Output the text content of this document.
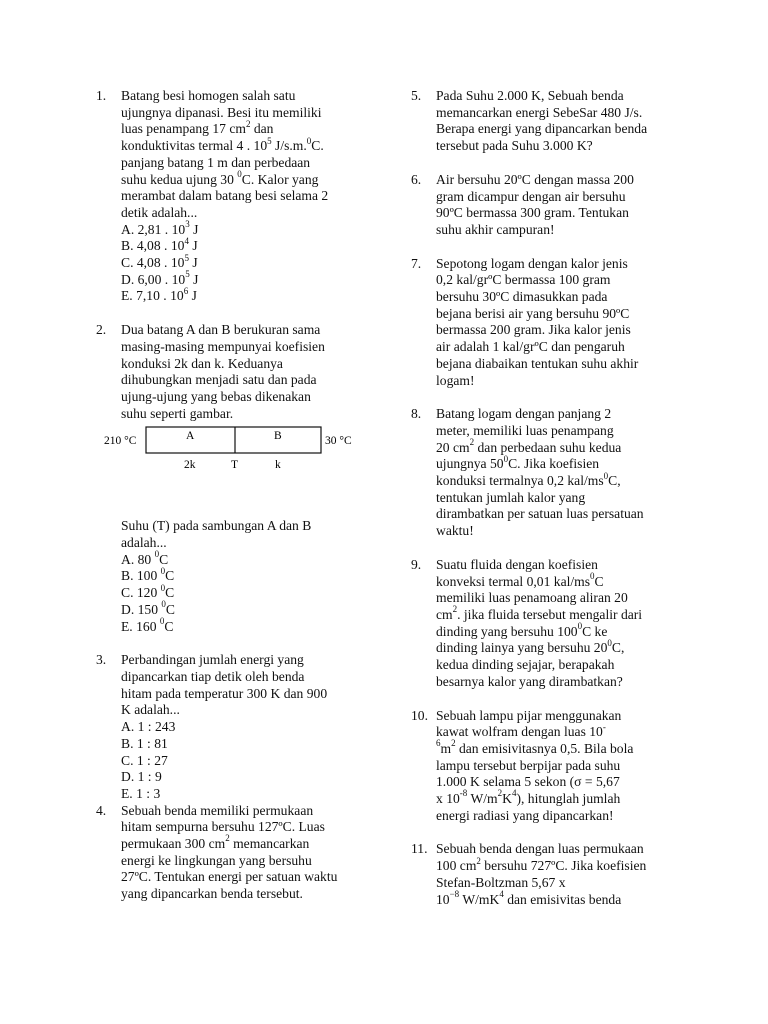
1. Batang besi homogen salah satu
ujungnya dipanasi. Besi itu memiliki
luas penampang 17 $cm^2$ dan
konduktivitas termal 4 . $10^5$ J/s.m.$^0$C.
panjang batang 1 m dan perbedaan
suhu kedua ujung 30 $^0$C. Kalor yang
merambat dalam batang besi selama 2
detik adalah...
A. 2,81 . $10^3$ J
B. 4,08 . $10^4$ J
C. 4,08 . $10^5$ J
D. 6,00 . $10^5$ J
E. 7,10 . $10^6$ J
2. Dua batang A dan B berukuran sama
masing-masing mempunyai koefisien
konduksi 2k dan k. Keduanya
dihubungkan menjadi satu dan pada
ujung-ujung yang bebas dikenakan
suhu seperti gambar.
210 °C	30 °C
A	B
2k	T	k
Suhu (T) pada sambungan A dan B
adalah...
A. 80 $^0$C
B. 100 $^0$C
C. 120 $^0$C
D. 150 $^0$C
E. 160 $^0$C
3. Perbandingan jumlah energi yang
dipancarkan tiap detik oleh benda
hitam pada temperatur 300 K dan 900
K adalah...
A. 1 : 243
B. 1 : 81
C. 1 : 27
D. 1 : 9
E. 1 : 3
4. Sebuah benda memiliki permukaan
hitam sempurna bersuhu 127ºC. Luas
permukaan 300 $cm^2$ memancarkan
energi ke lingkungan yang bersuhu
27ºC. Tentukan energi per satuan waktu
yang dipancarkan benda tersebut.
5. Pada Suhu 2.000 K, Sebuah benda
memancarkan energi SebeSar 480 J/s.
Berapa energi yang dipancarkan benda
tersebut pada Suhu 3.000 K?
6. Air bersuhu 20ºC dengan massa 200
gram dicampur dengan air bersuhu
90ºC bermassa 300 gram. Tentukan
suhu akhir campuran!
7. Sepotong logam dengan kalor jenis
0,2 kal/grºC bermassa 100 gram
bersuhu 30ºC dimasukkan pada
bejana berisi air yang bersuhu 90ºC
bermassa 200 gram. Jika kalor jenis
air adalah 1 kal/grºC dan pengaruh
bejana diabaikan tentukan suhu akhir
logam!
8. Batang logam dengan panjang 2
meter, memiliki luas penampang
20 $cm^2$ dan perbedaan suhu kedua
ujungnya $50^0C$. Jika koefisien
konduksi termalnya 0,2 kal/$ms^0C$,
tentukan jumlah kalor yang
dirambatkan per satuan luas persatuan
waktu!
9. Suatu fluida dengan koefisien
konveksi termal 0,01 kal/$ms^0C$
memiliki luas penamoang aliran 20
$cm^2$. jika fluida tersebut mengalir dari
dinding yang bersuhu $100^0C$ ke
dinding lainya yang bersuhu $20^0C$,
kedua dinding sejajar, berapakah
besarnya kalor yang dirambatkan?
10. Sebuah lampu pijar menggunakan
kawat wolfram dengan luas 10-
$^6m^2$ dan emisivitasnya 0,5. Bila bola
lampu tersebut berpijar pada suhu
1.000 K selama 5 sekon (σ = 5,67
x $10^{-8}$ $W/m^2K^4$), hitunglah jumlah
energi radiasi yang dipancarkan!
11. Sebuah benda dengan luas permukaan
100 $cm^2$ bersuhu 727ºC. Jika koefisien
Stefan-Boltzman 5,67 x
$10^{-8}$ $W/mK^4$ dan emisivitas benda
